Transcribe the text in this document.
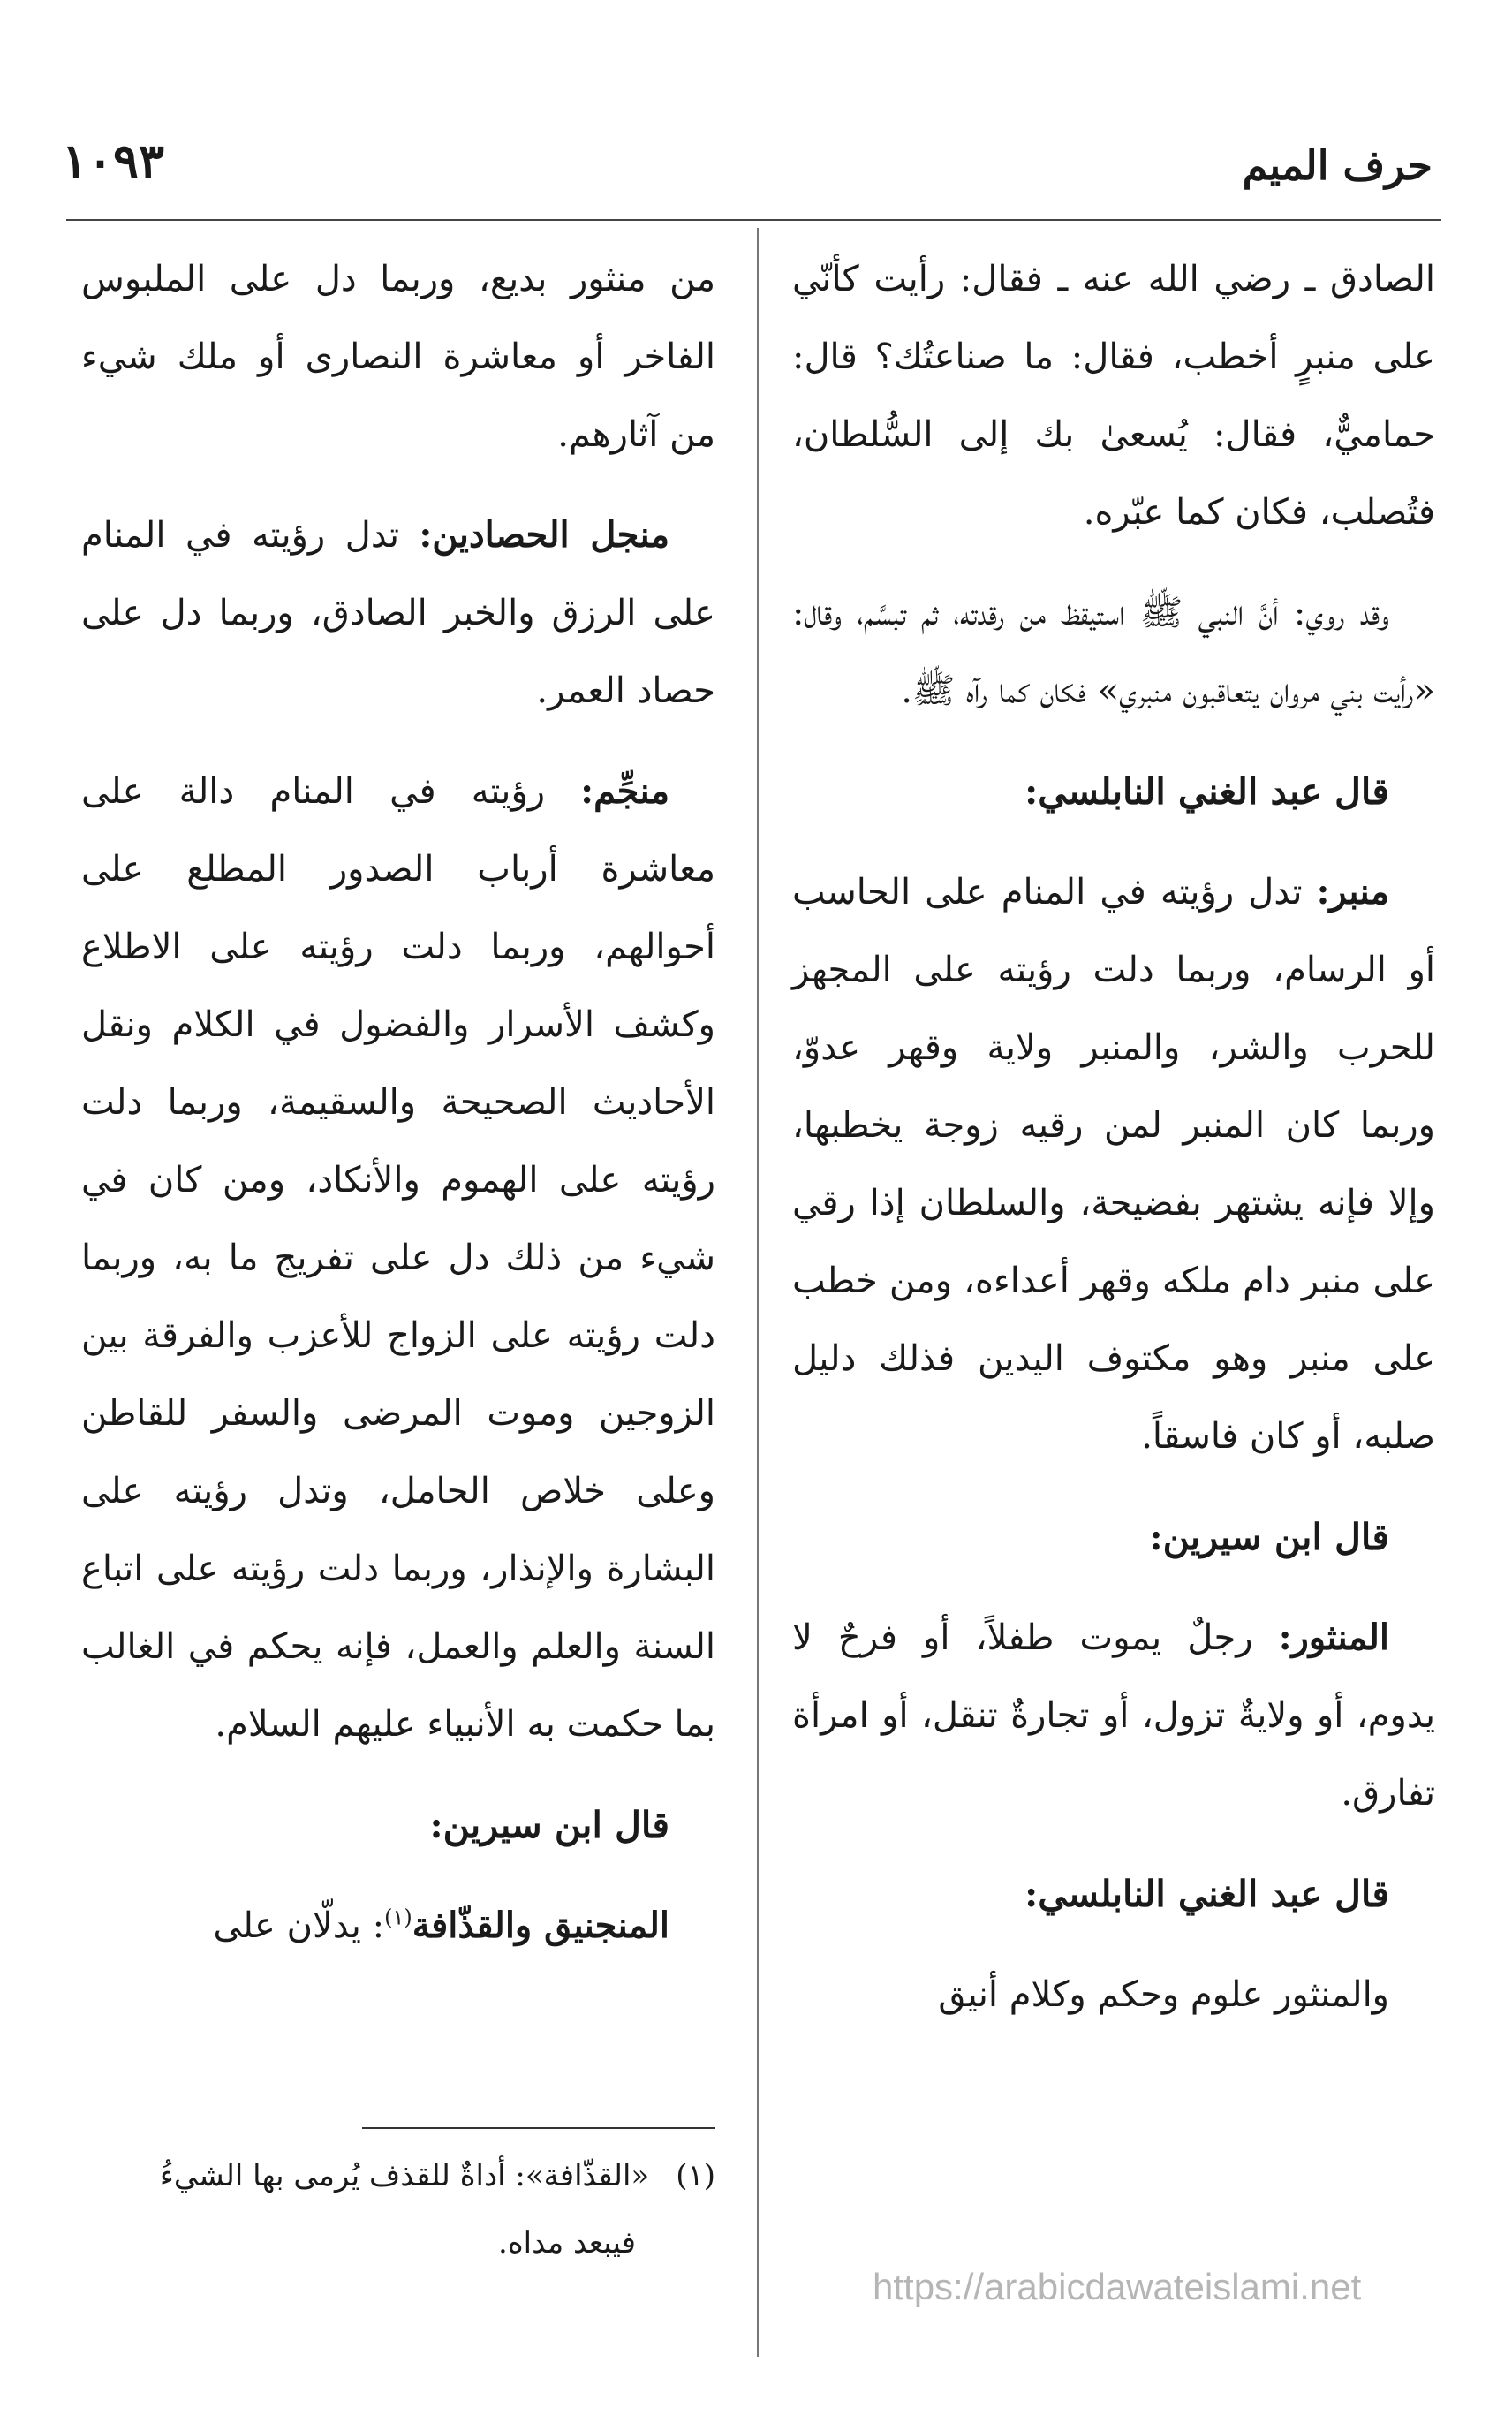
حرف الميم
١٠٩٣

الصادق ـ رضي الله عنه ـ فقال: رأيت كأنّي على منبرٍ أخطب، فقال: ما صناعتُك؟ قال: حماميٌّ، فقال: يُسعىٰ بك إلى السُّلطان، فتُصلب، فكان كما عبّره.

وقد روي: أنَّ النبي ﷺ استيقظ من رقدته، ثم تبسَّم، وقال: «رأيت بني مروان يتعاقبون منبري» فكان كما رآه ﷺ.

قال عبد الغني النابلسي:

منبر: تدل رؤيته في المنام على الحاسب أو الرسام، وربما دلت رؤيته على المجهز للحرب والشر، والمنبر ولاية وقهر عدوّ، وربما كان المنبر لمن رقيه زوجة يخطبها، وإلا فإنه يشتهر بفضيحة، والسلطان إذا رقي على منبر دام ملكه وقهر أعداءه، ومن خطب على منبر وهو مكتوف اليدين فذلك دليل صلبه، أو كان فاسقاً.

قال ابن سيرين:

المنثور: رجلٌ يموت طفلاً، أو فرحٌ لا يدوم، أو ولايةٌ تزول، أو تجارةٌ تنقل، أو امرأة تفارق.

قال عبد الغني النابلسي:

والمنثور علوم وحكم وكلام أنيق

من منثور بديع، وربما دل على الملبوس الفاخر أو معاشرة النصارى أو ملك شيء من آثارهم.

منجل الحصادين: تدل رؤيته في المنام على الرزق والخبر الصادق، وربما دل على حصاد العمر.

منجِّم: رؤيته في المنام دالة على معاشرة أرباب الصدور المطلع على أحوالهم، وربما دلت رؤيته على الاطلاع وكشف الأسرار والفضول في الكلام ونقل الأحاديث الصحيحة والسقيمة، وربما دلت رؤيته على الهموم والأنكاد، ومن كان في شيء من ذلك دل على تفريج ما به، وربما دلت رؤيته على الزواج للأعزب والفرقة بين الزوجين وموت المرضى والسفر للقاطن وعلى خلاص الحامل، وتدل رؤيته على البشارة والإنذار، وربما دلت رؤيته على اتباع السنة والعلم والعمل، فإنه يحكم في الغالب بما حكمت به الأنبياء عليهم السلام.

قال ابن سيرين:

المنجنيق والقذّافة$^{(١)}$: يدلّان على

(١)«القذّافة»: أداةٌ للقذف يُرمى بها الشيءُ
فيبعد مداه.
https://arabicdawateislami.net
